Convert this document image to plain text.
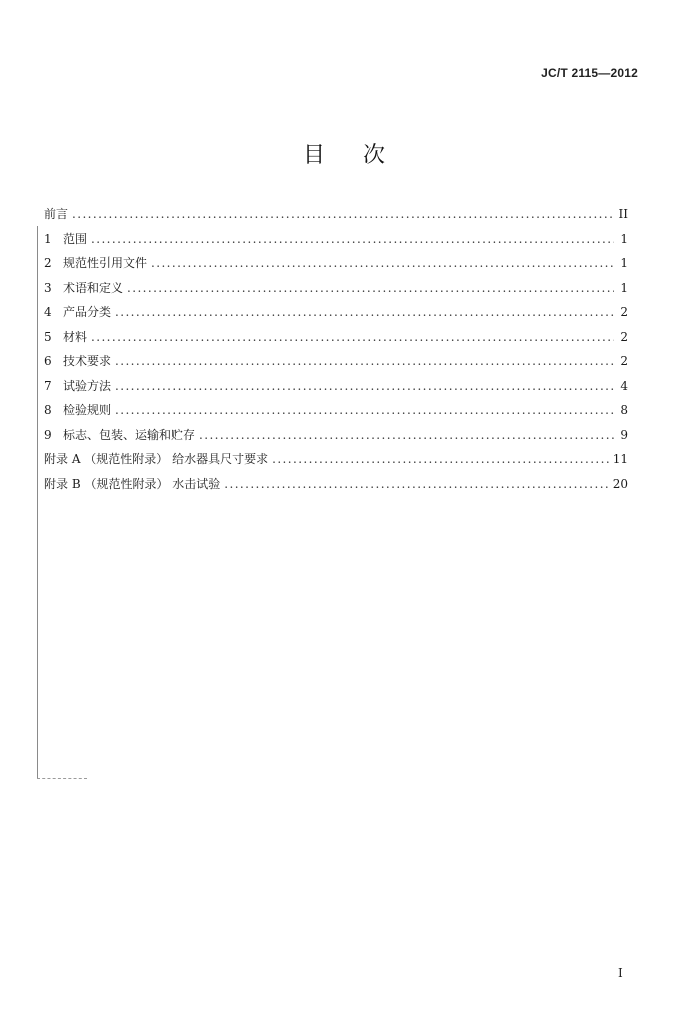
JC/T 2115—2012
目次
前言 .....	II
1 范围 .....	1
2 规范性引用文件 .....	1
3 术语和定义 .....	1
4 产品分类 .....	2
5 材料 .....	2
6 技术要求 .....	2
7 试验方法 .....	4
8 检验规则 .....	8
9 标志、包装、运输和贮存 .....	9
附录 A （规范性附录） 给水器具尺寸要求 .....	11
附录 B （规范性附录） 水击试验 .....	20
I
